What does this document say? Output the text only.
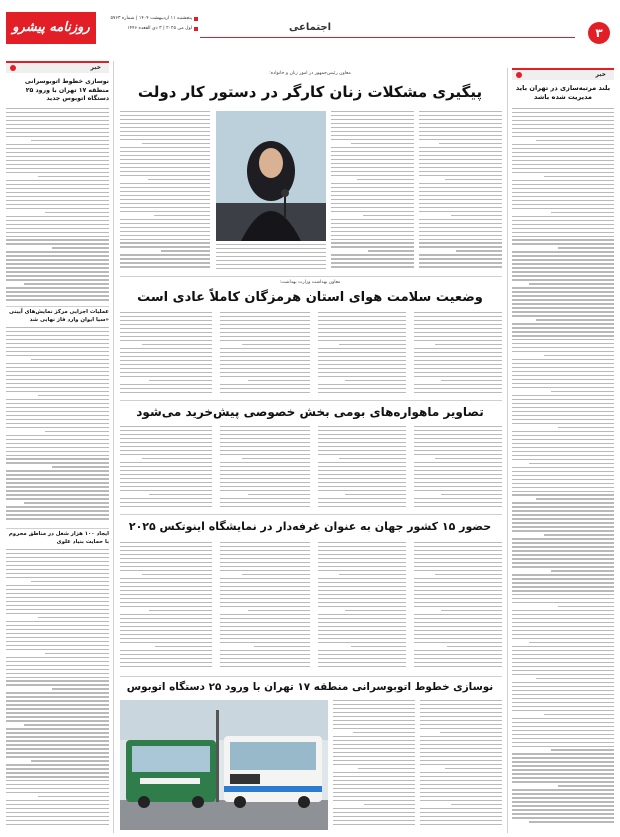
۳
اجتماعی
روزنامه پیشرو
پنجشنبه ۱۱ اردیبهشت ۱۴۰۴ | شماره ۵۷۶۳
اول می ۲۰۲۵ | ۳ ذی القعده ۱۴۴۶
خبر
بلند مرتبه‌سازی در تهران باید مدیریت شده باشد
خبر
نوسازی خطوط اتوبوسرانی منطقه ۱۷ تهران با ورود ۲۵ دستگاه اتوبوس جدید
عملیات اجرایی مرکز نمایش‌های آیینی «سیا ایوان وارد فاز نهایی شد
ایجاد ۱۰۰ هزار شغل در مناطق محروم با حمایت بنیاد علوی
معاون رئیس‌جمهور در امور زنان و خانواده:
پیگیری مشکلات زنان کارگر در دستور کار دولت
معاون بهداشت وزارت بهداشت:
وضعیت سلامت هوای استان هرمزگان کاملاً عادی است
تصاویر ماهواره‌های بومی بخش خصوصی پیش‌خرید می‌شود
حضور ۱۵ کشور جهان به عنوان غرفه‌دار در نمایشگاه اینوتکس ۲۰۲۵
نوسازی خطوط اتوبوسرانی منطقه ۱۷ تهران با ورود ۲۵ دستگاه اتوبوس
